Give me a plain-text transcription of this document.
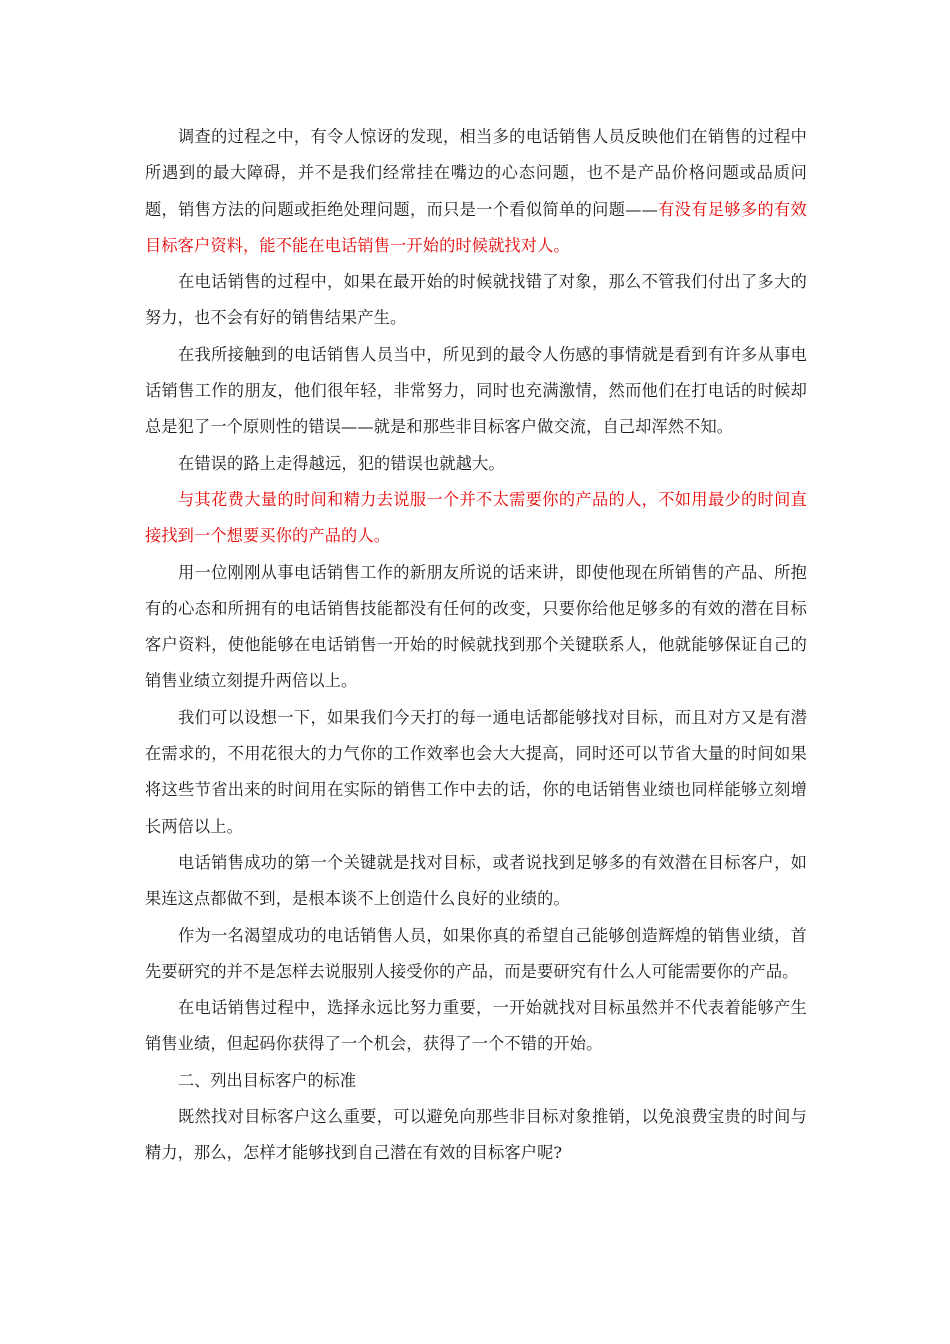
调查的过程之中，有令人惊讶的发现，相当多的电话销售人员反映他们在销售的过程中所遇到的最大障碍，并不是我们经常挂在嘴边的心态问题，也不是产品价格问题或品质问题，销售方法的问题或拒绝处理问题，而只是一个看似简单的问题——有没有足够多的有效目标客户资料，能不能在电话销售一开始的时候就找对人。

在电话销售的过程中，如果在最开始的时候就找错了对象，那么不管我们付出了多大的努力，也不会有好的销售结果产生。

在我所接触到的电话销售人员当中，所见到的最令人伤感的事情就是看到有许多从事电话销售工作的朋友，他们很年轻，非常努力，同时也充满激情，然而他们在打电话的时候却总是犯了一个原则性的错误——就是和那些非目标客户做交流，自己却浑然不知。

在错误的路上走得越远，犯的错误也就越大。

与其花费大量的时间和精力去说服一个并不太需要你的产品的人，不如用最少的时间直接找到一个想要买你的产品的人。

用一位刚刚从事电话销售工作的新朋友所说的话来讲，即使他现在所销售的产品、所抱有的心态和所拥有的电话销售技能都没有任何的改变，只要你给他足够多的有效的潜在目标客户资料，使他能够在电话销售一开始的时候就找到那个关键联系人，他就能够保证自己的销售业绩立刻提升两倍以上。

我们可以设想一下，如果我们今天打的每一通电话都能够找对目标，而且对方又是有潜在需求的，不用花很大的力气你的工作效率也会大大提高，同时还可以节省大量的时间如果将这些节省出来的时间用在实际的销售工作中去的话，你的电话销售业绩也同样能够立刻增长两倍以上。

电话销售成功的第一个关键就是找对目标，或者说找到足够多的有效潜在目标客户，如果连这点都做不到，是根本谈不上创造什么良好的业绩的。

作为一名渴望成功的电话销售人员，如果你真的希望自己能够创造辉煌的销售业绩，首先要研究的并不是怎样去说服别人接受你的产品，而是要研究有什么人可能需要你的产品。

在电话销售过程中，选择永远比努力重要，一开始就找对目标虽然并不代表着能够产生销售业绩，但起码你获得了一个机会，获得了一个不错的开始。

二、列出目标客户的标准

既然找对目标客户这么重要，可以避免向那些非目标对象推销，以免浪费宝贵的时间与精力，那么，怎样才能够找到自己潜在有效的目标客户呢?
